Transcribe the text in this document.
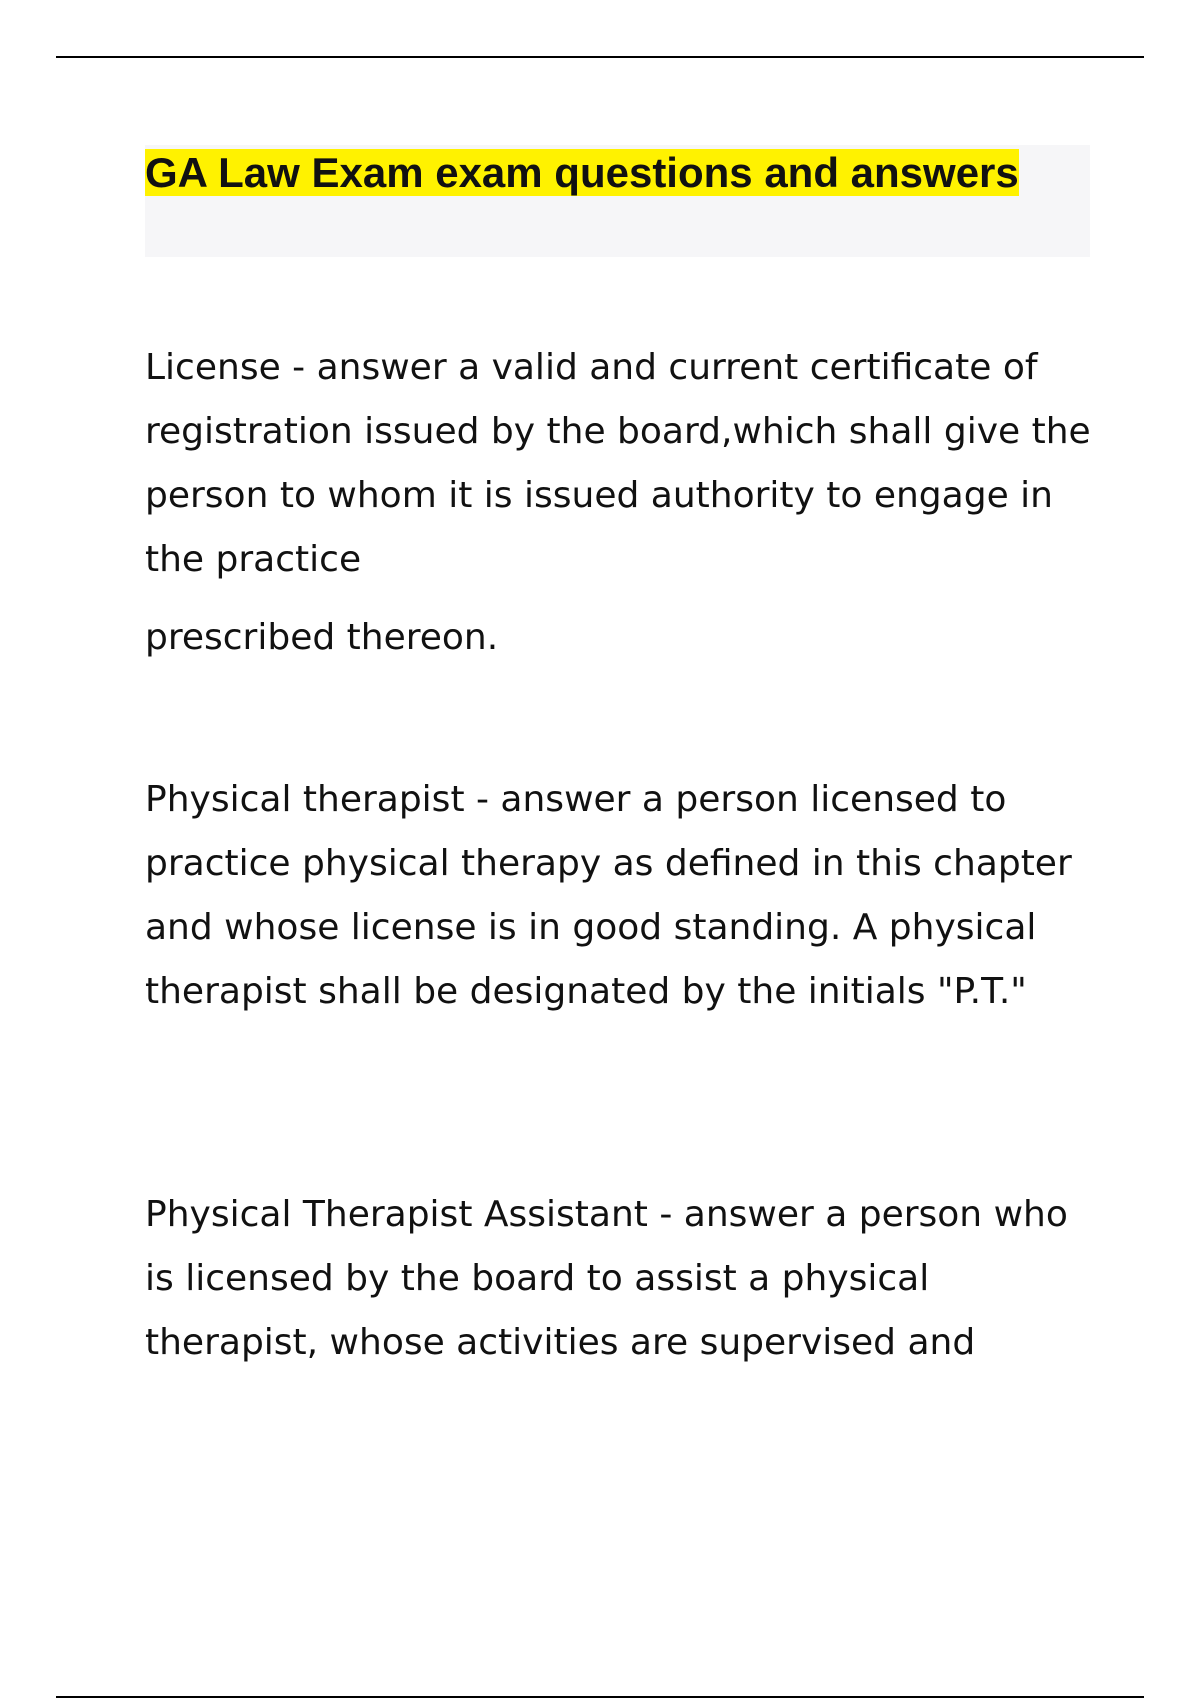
GA Law Exam exam questions and answers

License - answer a valid and current certificate of registration issued by the board,which shall give the person to whom it is issued authority to engage in the practice

prescribed thereon.

Physical therapist - answer a person licensed to practice physical therapy as defined in this chapter and whose license is in good standing. A physical therapist shall be designated by the initials "P.T."

Physical Therapist Assistant - answer a person who is licensed by the board to assist a physical therapist, whose activities are supervised and
